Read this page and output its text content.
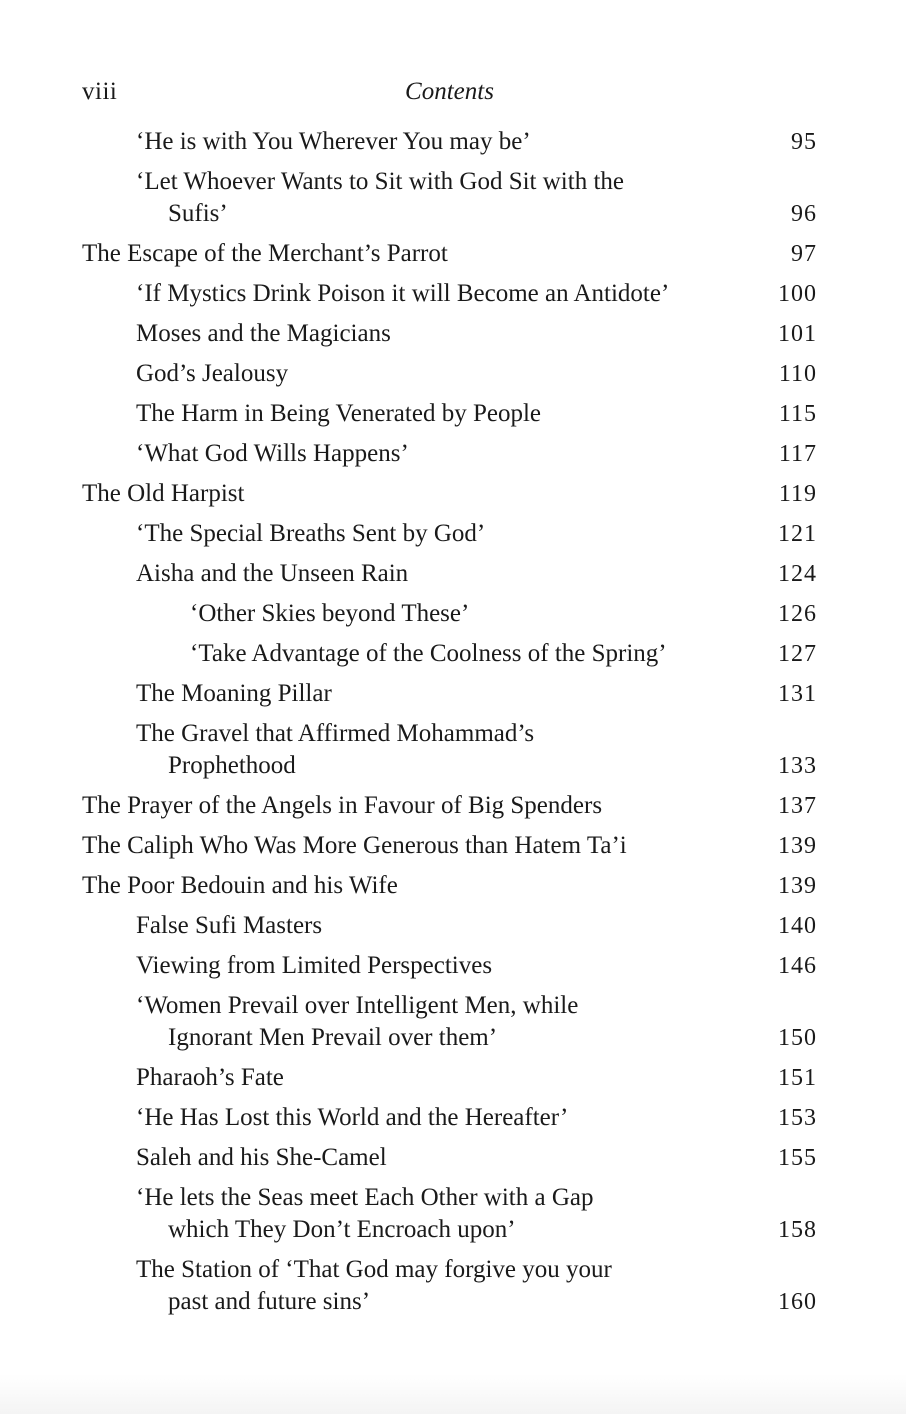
viii	Contents
‘He is with You Wherever You may be’	95
‘Let Whoever Wants to Sit with God Sit with the
Sufis’	96
The Escape of the Merchant’s Parrot	97
‘If Mystics Drink Poison it will Become an Antidote’	100
Moses and the Magicians	101
God’s Jealousy	110
The Harm in Being Venerated by People	115
‘What God Wills Happens’	117
The Old Harpist	119
‘The Special Breaths Sent by God’	121
Aisha and the Unseen Rain	124
‘Other Skies beyond These’	126
‘Take Advantage of the Coolness of the Spring’	127
The Moaning Pillar	131
The Gravel that Affirmed Mohammad’s
Prophethood	133
The Prayer of the Angels in Favour of Big Spenders	137
The Caliph Who Was More Generous than Hatem Ta’i	139
The Poor Bedouin and his Wife	139
False Sufi Masters	140
Viewing from Limited Perspectives	146
‘Women Prevail over Intelligent Men, while
Ignorant Men Prevail over them’	150
Pharaoh’s Fate	151
‘He Has Lost this World and the Hereafter’	153
Saleh and his She-Camel	155
‘He lets the Seas meet Each Other with a Gap
which They Don’t Encroach upon’	158
The Station of ‘That God may forgive you your
past and future sins’	160
